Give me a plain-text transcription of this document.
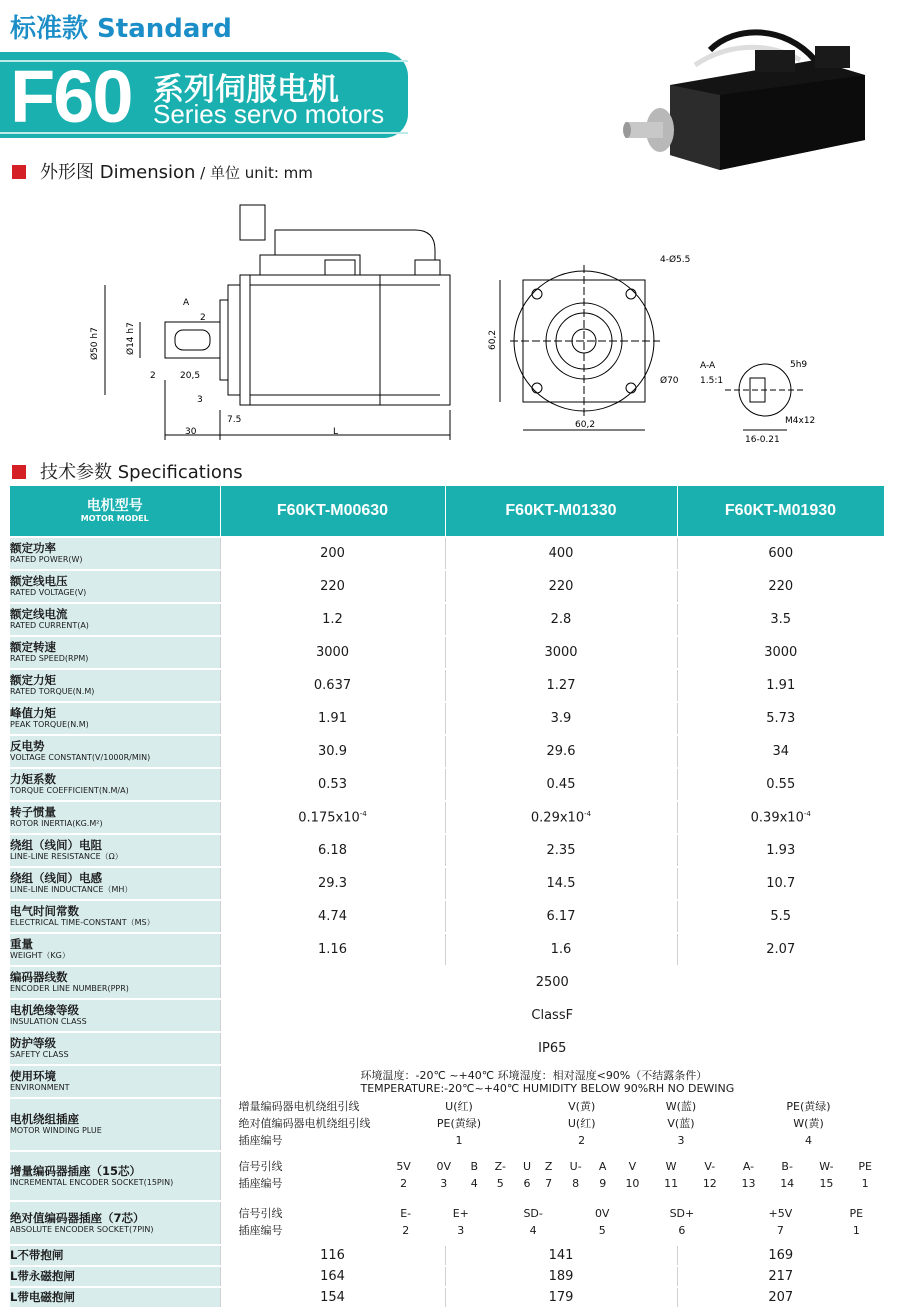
标准款 Standard
F60 系列伺服电机
Series servo motors
外形图 Dimension / 单位 unit: mm
Ø50 h7	Ø14 h7
A
2
2	20,5
3
7.5
30	L
4-Ø5.5
Ø70
60,2
60,2
A-A
1.5:1
5h9
M4x12
16-0.21
技术参数 Specifications
电机型号
MOTOR MODEL	F60KT-M00630	F60KT-M01330	F60KT-M01930

额定功率
RATED POWER(W)	200	400	600

额定线电压
RATED VOLTAGE(V)	220	220	220

额定线电流
RATED CURRENT(A)	1.2	2.8	3.5

额定转速
RATED SPEED(RPM)	3000	3000	3000

额定力矩
RATED TORQUE(N.M)	0.637	1.27	1.91

峰值力矩
PEAK TORQUE(N.M)	1.91	3.9	5.73

反电势
VOLTAGE CONSTANT(V/1000R/MIN)	30.9	29.6	34

力矩系数
TORQUE COEFFICIENT(N.M/A)	0.53	0.45	0.55

转子惯量
ROTOR INERTIA(KG.M²)	$0.175x10^{-4}$	$0.29x10^{-4}$	$0.39x10^{-4}$

绕组（线间）电阻
LINE-LINE RESISTANCE（Ω）	6.18	2.35	1.93

绕组（线间）电感
LINE-LINE INDUCTANCE（MH）	29.3	14.5	10.7

电气时间常数
ELECTRICAL TIME-CONSTANT（MS）	4.74	6.17	5.5

重量
WEIGHT（KG）	1.16	1.6	2.07

编码器线数
ENCODER LINE NUMBER(PPR)	2500

电机绝缘等级
INSULATION CLASS	ClassF

防护等级
SAFETY CLASS	IP65

使用环境
ENVIRONMENT

环境温度：-20℃ ~+40℃ 环境湿度：相对湿度<90%（不结露条件）
TEMPERATURE:-20℃~+40℃ HUMIDITY BELOW 90%RH NO DEWING

电机绕组插座
MOTOR WINDING PLUE

增量编码器电机绕组引线	U(红)	V(黄)	W(蓝)	PE(黄绿)
绝对值编码器电机绕组引线	PE(黄绿)	U(红)	V(蓝)	W(黄)
插座编号	1	2	3	4

增量编码器插座（15芯）
INCREMENTAL ENCODER SOCKET(15PIN)

信号引线	5V	0V	B	Z-	U	Z	U-	A	V	W	V-	A-	B-	W-	PE
插座编号	2	3	4	5	6	7	8	9	10	11	12	13	14	15	1

绝对值编码器插座（7芯）
ABSOLUTE ENCODER SOCKET(7PIN)

信号引线	E-	E+	SD-	0V	SD+	+5V	PE
插座编号	2	3	4	5	6	7	1

L不带抱闸	116	141	169

L带永磁抱闸	164	189	217

L带电磁抱闸	154	179	207
